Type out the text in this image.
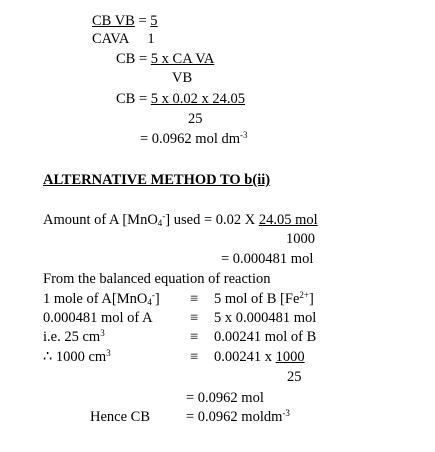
CB VB = 5
CAVA 1
CB = 5 x CA VA
VB
CB = 5 x 0.02 x 24.05
25
= 0.0962 mol $dm^{-3}$
ALTERNATIVE METHOD TO b(ii)
Amount of A [MnO$_4$-] used = 0.02 X 24.05 mol
1000
= 0.000481 mol
From the balanced equation of reaction
1 mole of A[MnO$_4$-] ≡ 5 mol of B $[Fe^{2+}]$
0.000481 mol of A	≡ 5 x 0.000481 mol
i.e. 25 $cm^3$	≡ 0.00241 mol of B
∴ 1000 $cm^3$	≡ 0.00241 x 1000
25
= 0.0962 mol
Hence CB = 0.0962 moldm$^{-3}$
